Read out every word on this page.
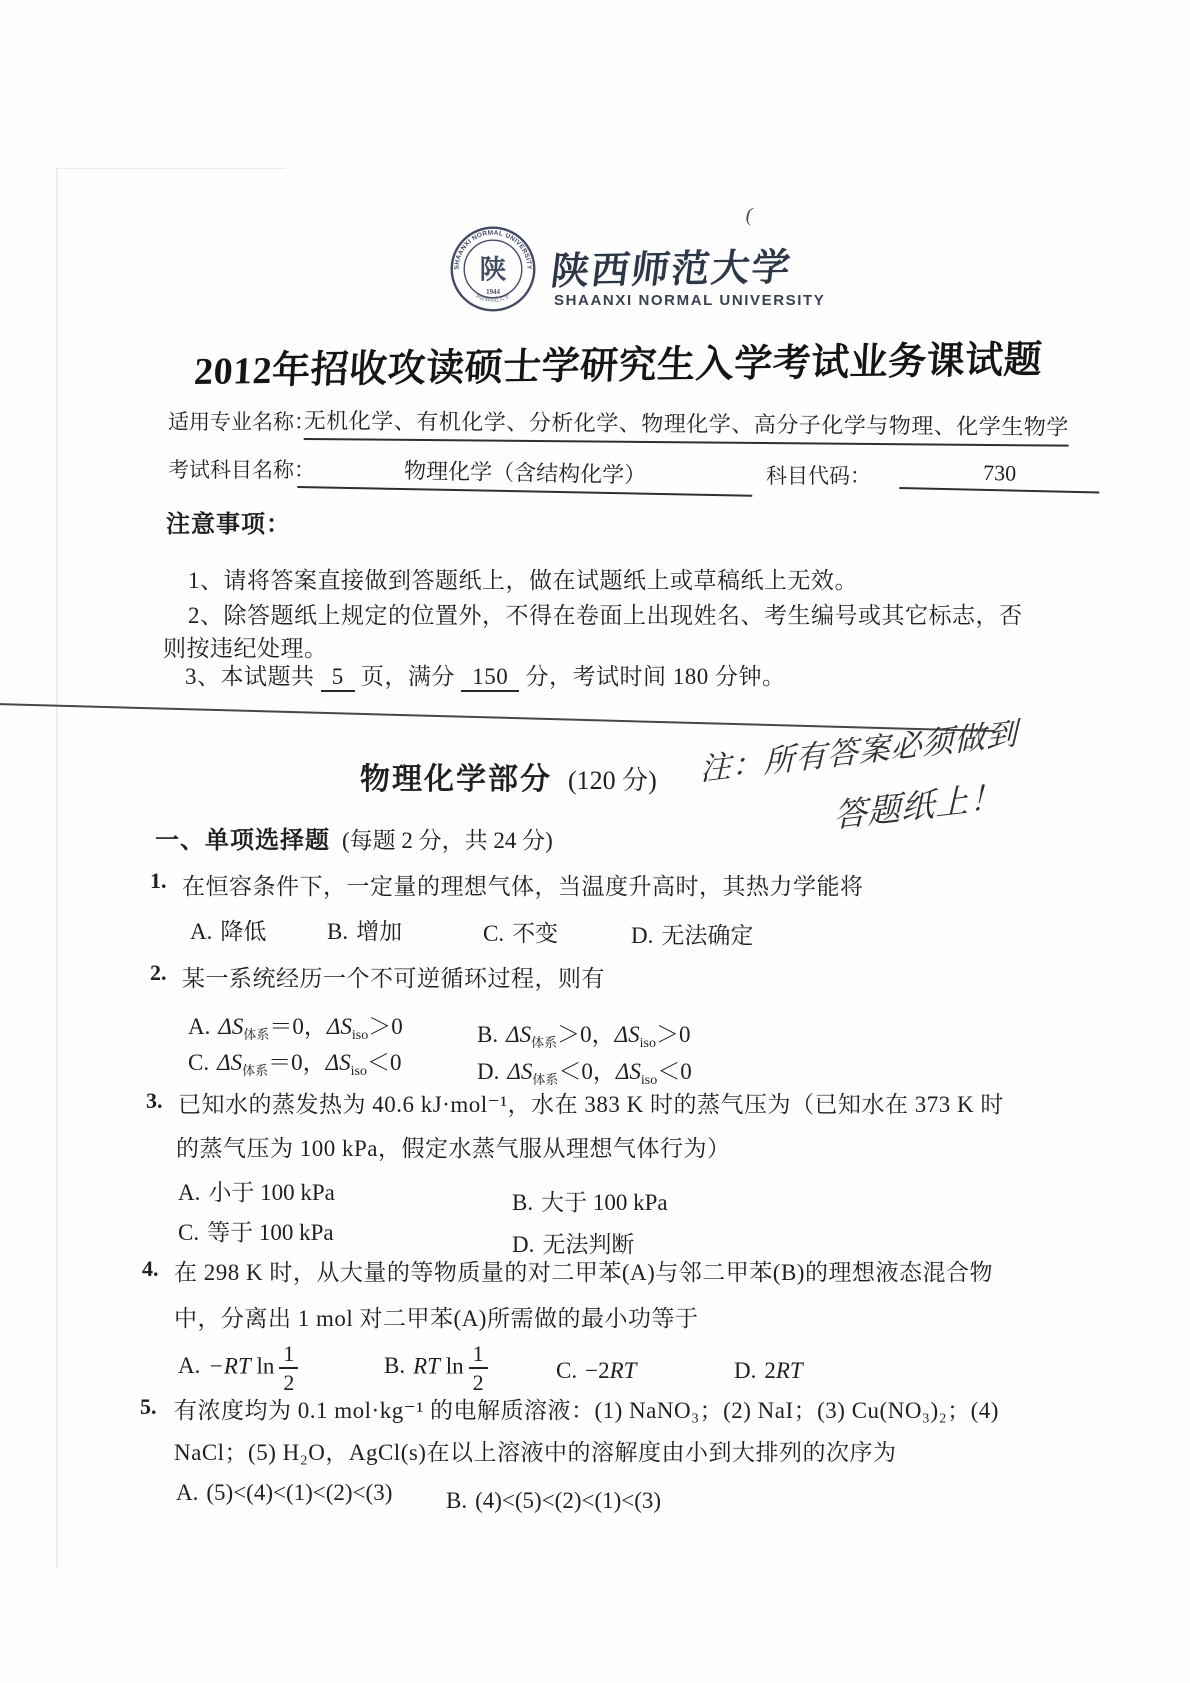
(
SHAANXI NORMAL UNIVERSITY
陕西师范大学
陕
1944 陕西师范大学
SHAANXI NORMAL UNIVERSITY
2012年招收攻读硕士学研究生入学考试业务课试题
适用专业名称：
无机化学、有机化学、分析化学、物理化学、高分子化学与物理、化学生物学
考试科目名称：	物理化学（含结构化学）	科目代码：	730
注意事项：

1、请将答案直接做到答题纸上，做在试题纸上或草稿纸上无效。

2、除答题纸上规定的位置外，不得在卷面上出现姓名、考生编号或其它标志，否

则按违纪处理。

3、本试题共 5 页，满分 150 分，考试时间 180 分钟。

物理化学部分 (120 分) 注：所有答案必须做到
答题纸上！
一、单项选择题 (每题 2 分，共 24 分)
1. 在恒容条件下，一定量的理想气体，当温度升高时，其热力学能将
A. 降低	B. 增加	C. 不变	D. 无法确定
2. 某一系统经历一个不可逆循环过程，则有
A. $\Delta S_{体系}=0$，$\Delta S_{iso}>0$	B. $\Delta S_{体系}>0$，$\Delta S_{iso}>0$
C. $\Delta S_{体系}=0$，$\Delta S_{iso}<0$	D. $\Delta S_{体系}<0$，$\Delta S_{iso}<0$
3. 已知水的蒸发热为 40.6 kJ·mol⁻¹，水在 383 K 时的蒸气压为（已知水在 373 K 时
的蒸气压为 100 kPa，假定水蒸气服从理想气体行为）
A. 小于 100 kPa	B. 大于 100 kPa
C. 等于 100 kPa	D. 无法判断
4. 在 298 K 时，从大量的等物质量的对二甲苯(A)与邻二甲苯(B)的理想液态混合物
中，分离出 1 mol 对二甲苯(A)所需做的最小功等于
A. −RT $\ln \frac{1}{2}$	B. RT $\ln \frac{1}{2}$	C. −2RT	D. 2RT
5. 有浓度均为 0.1 mol·kg⁻¹ 的电解质溶液：(1) NaNO₃；(2) NaI；(3) Cu(NO₃)₂；(4)
NaCl；(5) H₂O，AgCl(s)在以上溶液中的溶解度由小到大排列的次序为
A. (5)<(4)<(1)<(2)<(3) B. (4)<(5)<(2)<(1)<(3)
